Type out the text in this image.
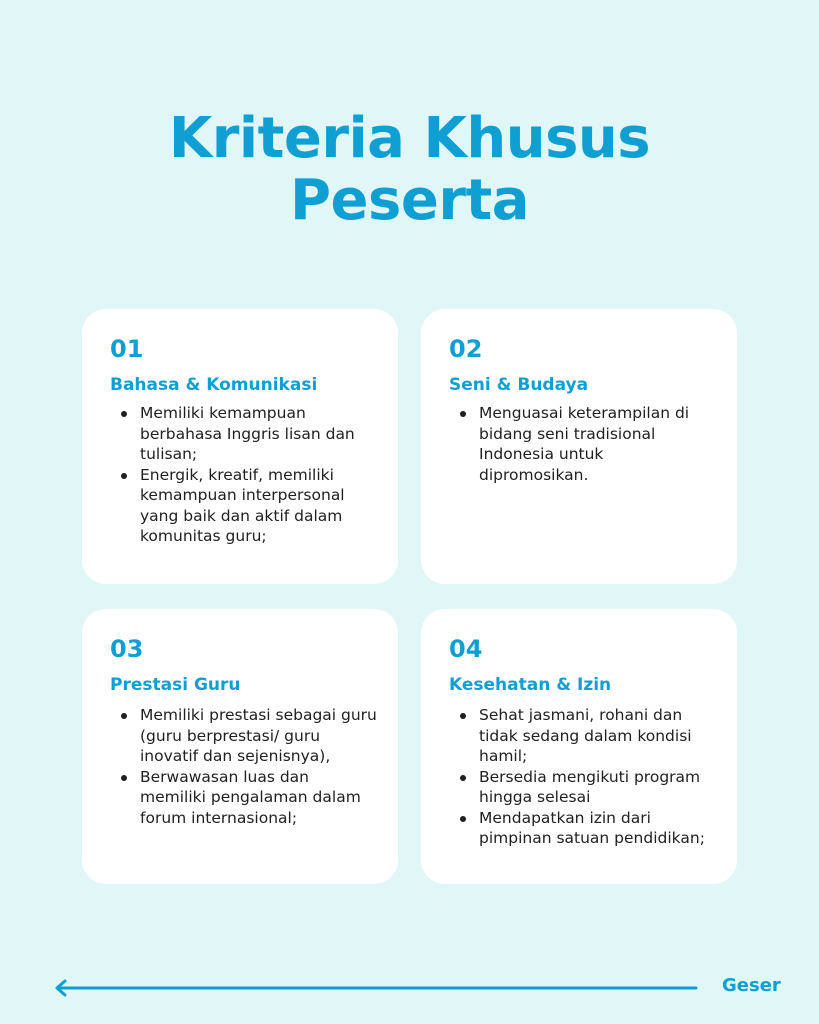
Kriteria Khusus
Peserta
01
Bahasa & Komunikasi
Memiliki kemampuan berbahasa Inggris lisan dan tulisan;
Energik, kreatif, memiliki kemampuan interpersonal yang baik dan aktif dalam komunitas guru;
02
Seni & Budaya
Menguasai keterampilan di bidang seni tradisional Indonesia untuk dipromosikan.
03
Prestasi Guru
Memiliki prestasi sebagai guru (guru berprestasi/ guru inovatif dan sejenisnya),
Berwawasan luas dan memiliki pengalaman dalam forum internasional;
04
Kesehatan & Izin
Sehat jasmani, rohani dan tidak sedang dalam kondisi hamil;
Bersedia mengikuti program hingga selesai
Mendapatkan izin dari pimpinan satuan pendidikan;
Geser
